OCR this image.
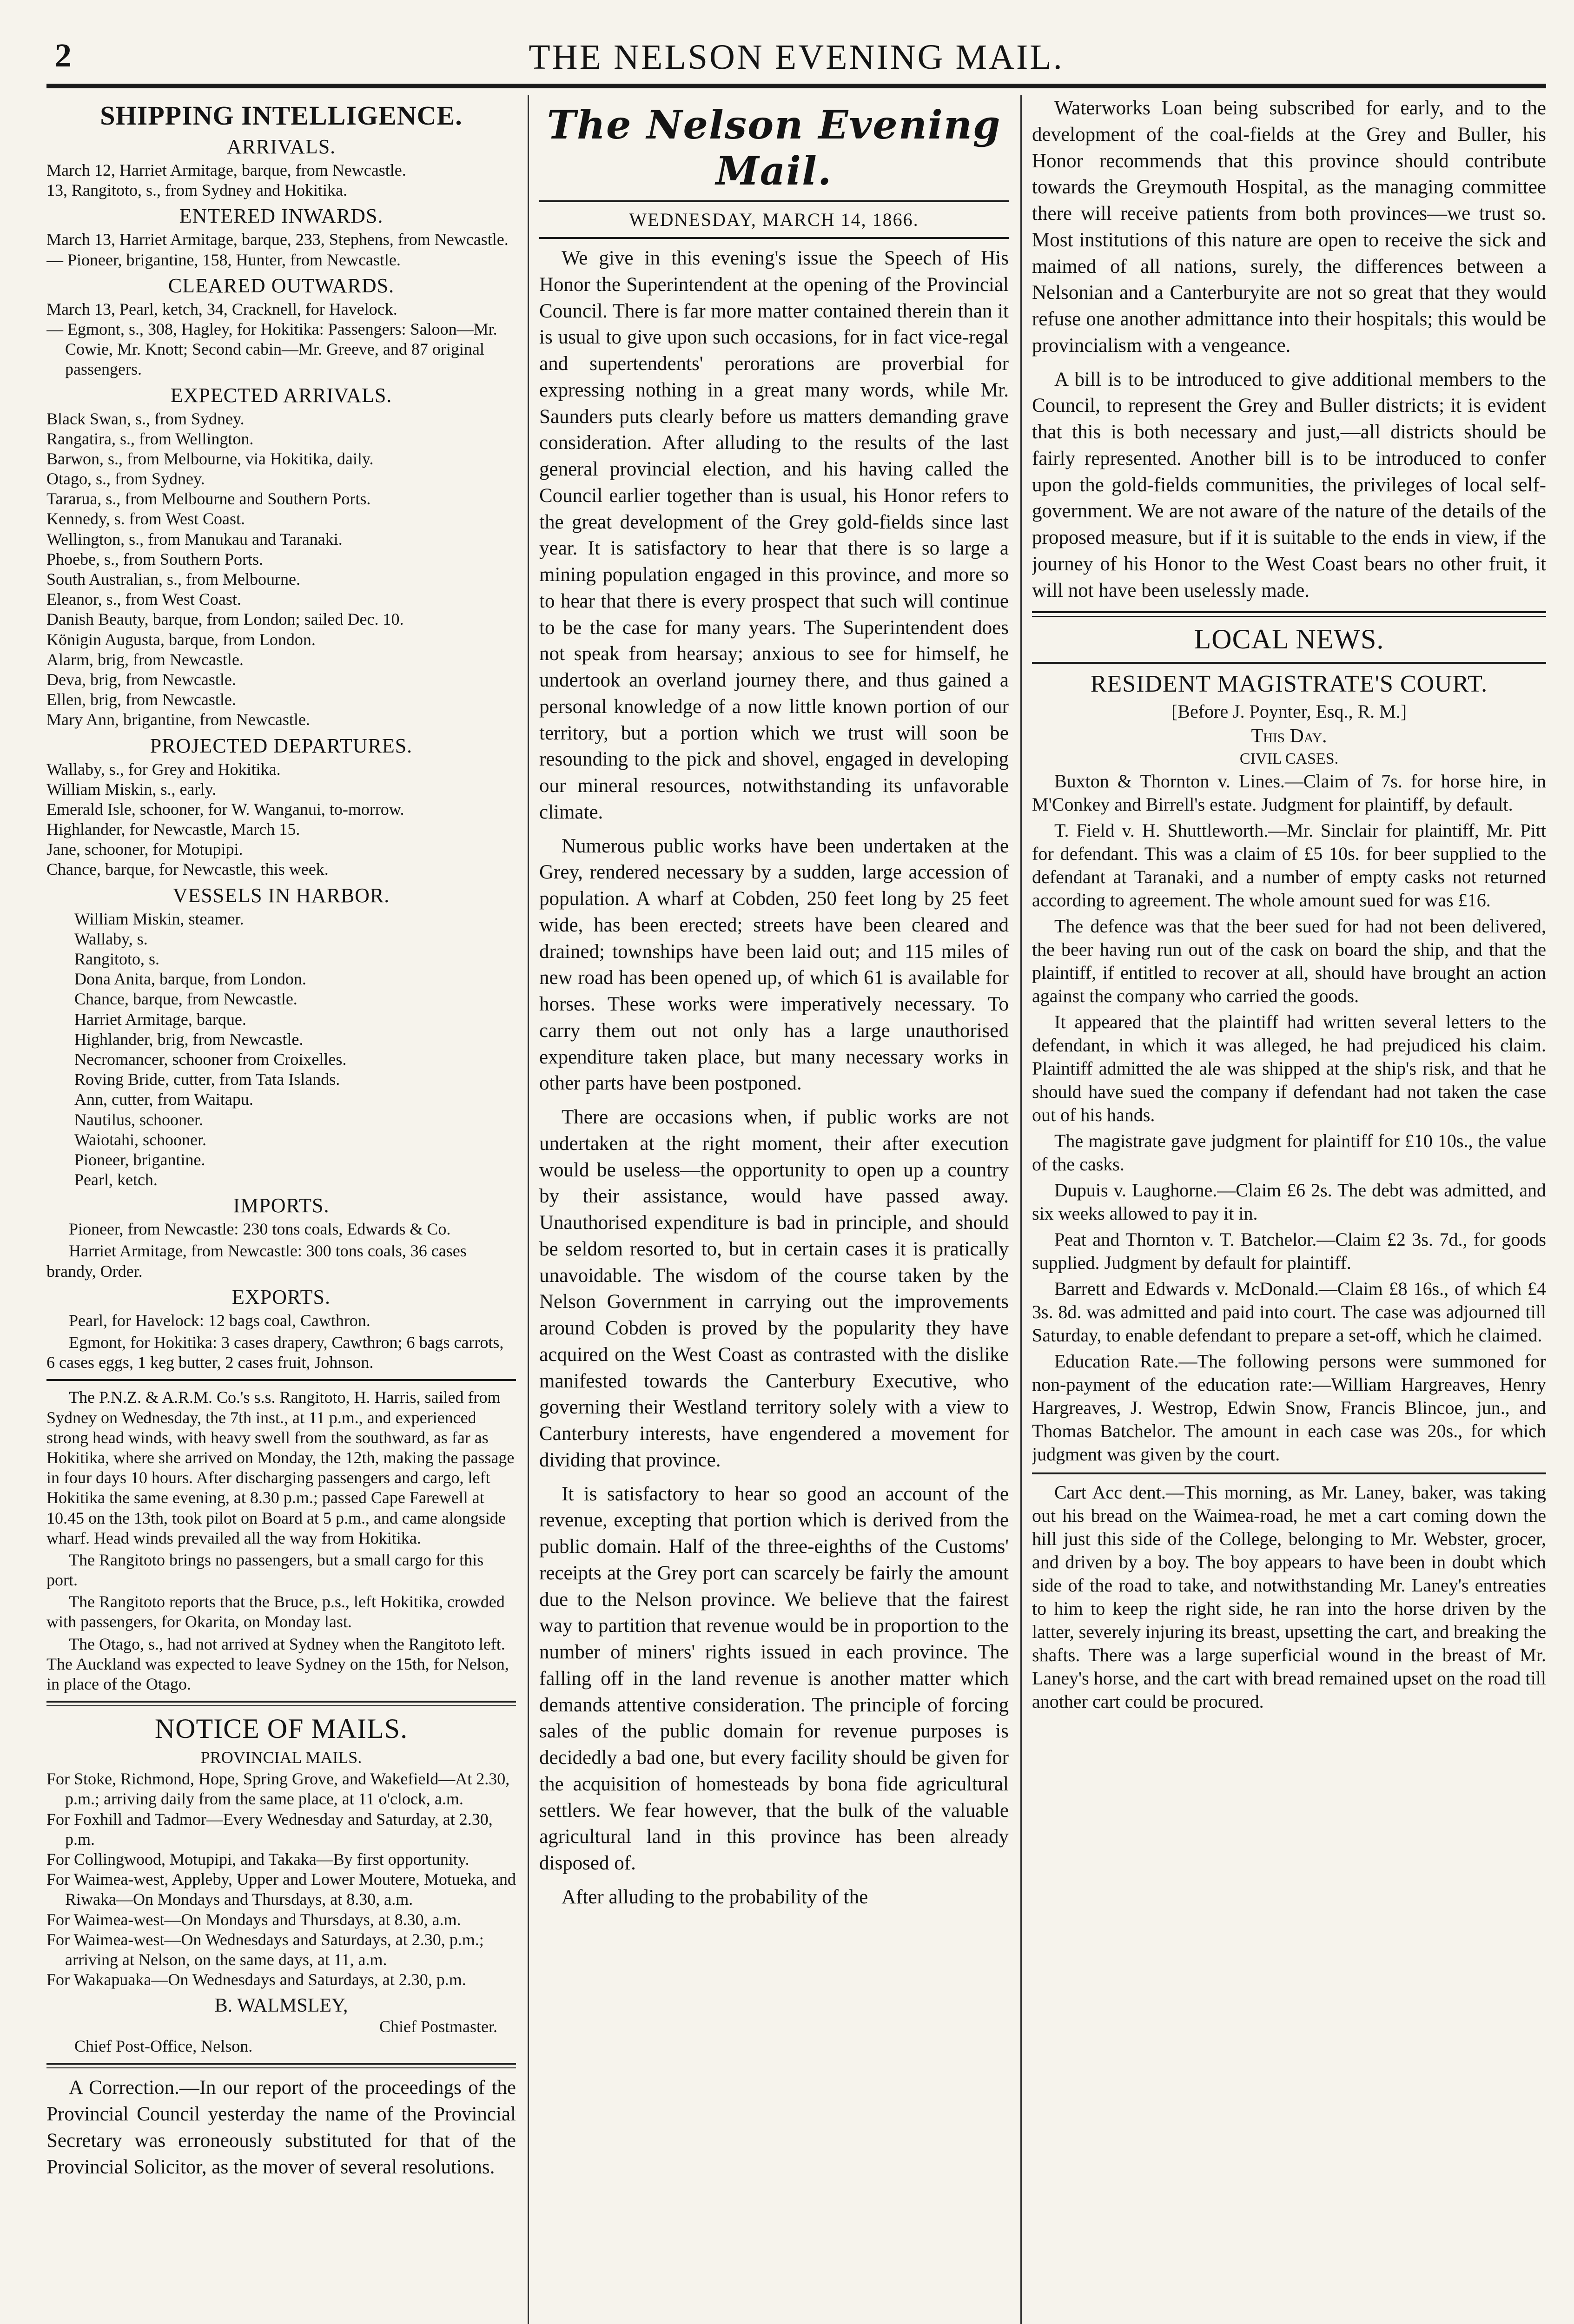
2	THE NELSON EVENING MAIL.
SHIPPING INTELLIGENCE.
ARRIVALS.
March 12, Harriet Armitage, barque, from Newcastle.
13, Rangitoto, s., from Sydney and Hokitika.
ENTERED INWARDS.
March 13, Harriet Armitage, barque, 233, Stephens, from Newcastle.
— Pioneer, brigantine, 158, Hunter, from Newcastle.
CLEARED OUTWARDS.
March 13, Pearl, ketch, 34, Cracknell, for Havelock.
— Egmont, s., 308, Hagley, for Hokitika: Passengers: Saloon—Mr. Cowie, Mr. Knott; Second cabin—Mr. Greeve, and 87 original passengers.
EXPECTED ARRIVALS.
Black Swan, s., from Sydney.
Rangatira, s., from Wellington.
Barwon, s., from Melbourne, via Hokitika, daily.
Otago, s., from Sydney.
Tararua, s., from Melbourne and Southern Ports.
Kennedy, s. from West Coast.
Wellington, s., from Manukau and Taranaki.
Phoebe, s., from Southern Ports.
South Australian, s., from Melbourne.
Eleanor, s., from West Coast.
Danish Beauty, barque, from London; sailed Dec. 10.
Königin Augusta, barque, from London.
Alarm, brig, from Newcastle.
Deva, brig, from Newcastle.
Ellen, brig, from Newcastle.
Mary Ann, brigantine, from Newcastle.
PROJECTED DEPARTURES.
Wallaby, s., for Grey and Hokitika.
William Miskin, s., early.
Emerald Isle, schooner, for W. Wanganui, to-morrow.
Highlander, for Newcastle, March 15.
Jane, schooner, for Motupipi.
Chance, barque, for Newcastle, this week.
VESSELS IN HARBOR.
William Miskin, steamer.
Wallaby, s.
Rangitoto, s.
Dona Anita, barque, from London.
Chance, barque, from Newcastle.
Harriet Armitage, barque.
Highlander, brig, from Newcastle.
Necromancer, schooner from Croixelles.
Roving Bride, cutter, from Tata Islands.
Ann, cutter, from Waitapu.
Nautilus, schooner.
Waiotahi, schooner.
Pioneer, brigantine.
Pearl, ketch.
IMPORTS.

Pioneer, from Newcastle: 230 tons coals, Edwards & Co.

Harriet Armitage, from Newcastle: 300 tons coals, 36 cases brandy, Order.

EXPORTS.

Pearl, for Havelock: 12 bags coal, Cawthron.

Egmont, for Hokitika: 3 cases drapery, Cawthron; 6 bags carrots, 6 cases eggs, 1 keg butter, 2 cases fruit, Johnson.

The P.N.Z. & A.R.M. Co.'s s.s. Rangitoto, H. Harris, sailed from Sydney on Wednesday, the 7th inst., at 11 p.m., and experienced strong head winds, with heavy swell from the southward, as far as Hokitika, where she arrived on Monday, the 12th, making the passage in four days 10 hours. After discharging passengers and cargo, left Hokitika the same evening, at 8.30 p.m.; passed Cape Farewell at 10.45 on the 13th, took pilot on Board at 5 p.m., and came alongside wharf. Head winds prevailed all the way from Hokitika.

The Rangitoto brings no passengers, but a small cargo for this port.

The Rangitoto reports that the Bruce, p.s., left Hokitika, crowded with passengers, for Okarita, on Monday last.

The Otago, s., had not arrived at Sydney when the Rangitoto left. The Auckland was expected to leave Sydney on the 15th, for Nelson, in place of the Otago.

NOTICE OF MAILS.
PROVINCIAL MAILS.
For Stoke, Richmond, Hope, Spring Grove, and Wakefield—At 2.30, p.m.; arriving daily from the same place, at 11 o'clock, a.m.
For Foxhill and Tadmor—Every Wednesday and Saturday, at 2.30, p.m.
For Collingwood, Motupipi, and Takaka—By first opportunity.
For Waimea-west, Appleby, Upper and Lower Moutere, Motueka, and Riwaka—On Mondays and Thursdays, at 8.30, a.m.
For Waimea-west—On Mondays and Thursdays, at 8.30, a.m.
For Waimea-west—On Wednesdays and Saturdays, at 2.30, p.m.; arriving at Nelson, on the same days, at 11, a.m.
For Wakapuaka—On Wednesdays and Saturdays, at 2.30, p.m.
B. WALMSLEY,
Chief Postmaster.
Chief Post-Office, Nelson.

A Correction.—In our report of the proceedings of the Provincial Council yesterday the name of the Provincial Secretary was erroneously substituted for that of the Provincial Solicitor, as the mover of several resolutions.

The Nelson Evening Mail.
WEDNESDAY, MARCH 14, 1866.

We give in this evening's issue the Speech of His Honor the Superintendent at the opening of the Provincial Council. There is far more matter contained therein than it is usual to give upon such occasions, for in fact vice-regal and supertendents' perorations are proverbial for expressing nothing in a great many words, while Mr. Saunders puts clearly before us matters demanding grave consideration. After alluding to the results of the last general provincial election, and his having called the Council earlier together than is usual, his Honor refers to the great development of the Grey gold-fields since last year. It is satisfactory to hear that there is so large a mining population engaged in this province, and more so to hear that there is every prospect that such will continue to be the case for many years. The Superintendent does not speak from hearsay; anxious to see for himself, he undertook an overland journey there, and thus gained a personal knowledge of a now little known portion of our territory, but a portion which we trust will soon be resounding to the pick and shovel, engaged in developing our mineral resources, notwithstanding its unfavorable climate.

Numerous public works have been undertaken at the Grey, rendered necessary by a sudden, large accession of population. A wharf at Cobden, 250 feet long by 25 feet wide, has been erected; streets have been cleared and drained; townships have been laid out; and 115 miles of new road has been opened up, of which 61 is available for horses. These works were imperatively necessary. To carry them out not only has a large unauthorised expenditure taken place, but many necessary works in other parts have been postponed.

There are occasions when, if public works are not undertaken at the right moment, their after execution would be useless—the opportunity to open up a country by their assistance, would have passed away. Unauthorised expenditure is bad in principle, and should be seldom resorted to, but in certain cases it is pratically unavoidable. The wisdom of the course taken by the Nelson Government in carrying out the improvements around Cobden is proved by the popularity they have acquired on the West Coast as contrasted with the dislike manifested towards the Canterbury Executive, who governing their Westland territory solely with a view to Canterbury interests, have engendered a movement for dividing that province.

It is satisfactory to hear so good an account of the revenue, excepting that portion which is derived from the public domain. Half of the three-eighths of the Customs' receipts at the Grey port can scarcely be fairly the amount due to the Nelson province. We believe that the fairest way to partition that revenue would be in proportion to the number of miners' rights issued in each province. The falling off in the land revenue is another matter which demands attentive consideration. The principle of forcing sales of the public domain for revenue purposes is decidedly a bad one, but every facility should be given for the acquisition of homesteads by bona fide agricultural settlers. We fear however, that the bulk of the valuable agricultural land in this province has been already disposed of.

After alluding to the probability of the

Waterworks Loan being subscribed for early, and to the development of the coal-fields at the Grey and Buller, his Honor recommends that this province should contribute towards the Greymouth Hospital, as the managing committee there will receive patients from both provinces—we trust so. Most institutions of this nature are open to receive the sick and maimed of all nations, surely, the differences between a Nelsonian and a Canterburyite are not so great that they would refuse one another admittance into their hospitals; this would be provincialism with a vengeance.

A bill is to be introduced to give additional members to the Council, to represent the Grey and Buller districts; it is evident that this is both necessary and just,—all districts should be fairly represented. Another bill is to be introduced to confer upon the gold-fields communities, the privileges of local self-government. We are not aware of the nature of the details of the proposed measure, but if it is suitable to the ends in view, if the journey of his Honor to the West Coast bears no other fruit, it will not have been uselessly made.

LOCAL NEWS.
RESIDENT MAGISTRATE'S COURT.
[Before J. Poynter, Esq., R. M.]
This Day.
CIVIL CASES.

Buxton & Thornton v. Lines.—Claim of 7s. for horse hire, in M'Conkey and Birrell's estate. Judgment for plaintiff, by default.

T. Field v. H. Shuttleworth.—Mr. Sinclair for plaintiff, Mr. Pitt for defendant. This was a claim of £5 10s. for beer supplied to the defendant at Taranaki, and a number of empty casks not returned according to agreement. The whole amount sued for was £16.

The defence was that the beer sued for had not been delivered, the beer having run out of the cask on board the ship, and that the plaintiff, if entitled to recover at all, should have brought an action against the company who carried the goods.

It appeared that the plaintiff had written several letters to the defendant, in which it was alleged, he had prejudiced his claim. Plaintiff admitted the ale was shipped at the ship's risk, and that he should have sued the company if defendant had not taken the case out of his hands.

The magistrate gave judgment for plaintiff for £10 10s., the value of the casks.

Dupuis v. Laughorne.—Claim £6 2s. The debt was admitted, and six weeks allowed to pay it in.

Peat and Thornton v. T. Batchelor.—Claim £2 3s. 7d., for goods supplied. Judgment by default for plaintiff.

Barrett and Edwards v. McDonald.—Claim £8 16s., of which £4 3s. 8d. was admitted and paid into court. The case was adjourned till Saturday, to enable defendant to prepare a set-off, which he claimed.

Education Rate.—The following persons were summoned for non-payment of the education rate:—William Hargreaves, Henry Hargreaves, J. Westrop, Edwin Snow, Francis Blincoe, jun., and Thomas Batchelor. The amount in each case was 20s., for which judgment was given by the court.

Cart Acc dent.—This morning, as Mr. Laney, baker, was taking out his bread on the Waimea-road, he met a cart coming down the hill just this side of the College, belonging to Mr. Webster, grocer, and driven by a boy. The boy appears to have been in doubt which side of the road to take, and notwithstanding Mr. Laney's entreaties to him to keep the right side, he ran into the horse driven by the latter, severely injuring its breast, upsetting the cart, and breaking the shafts. There was a large superficial wound in the breast of Mr. Laney's horse, and the cart with bread remained upset on the road till another cart could be procured.
